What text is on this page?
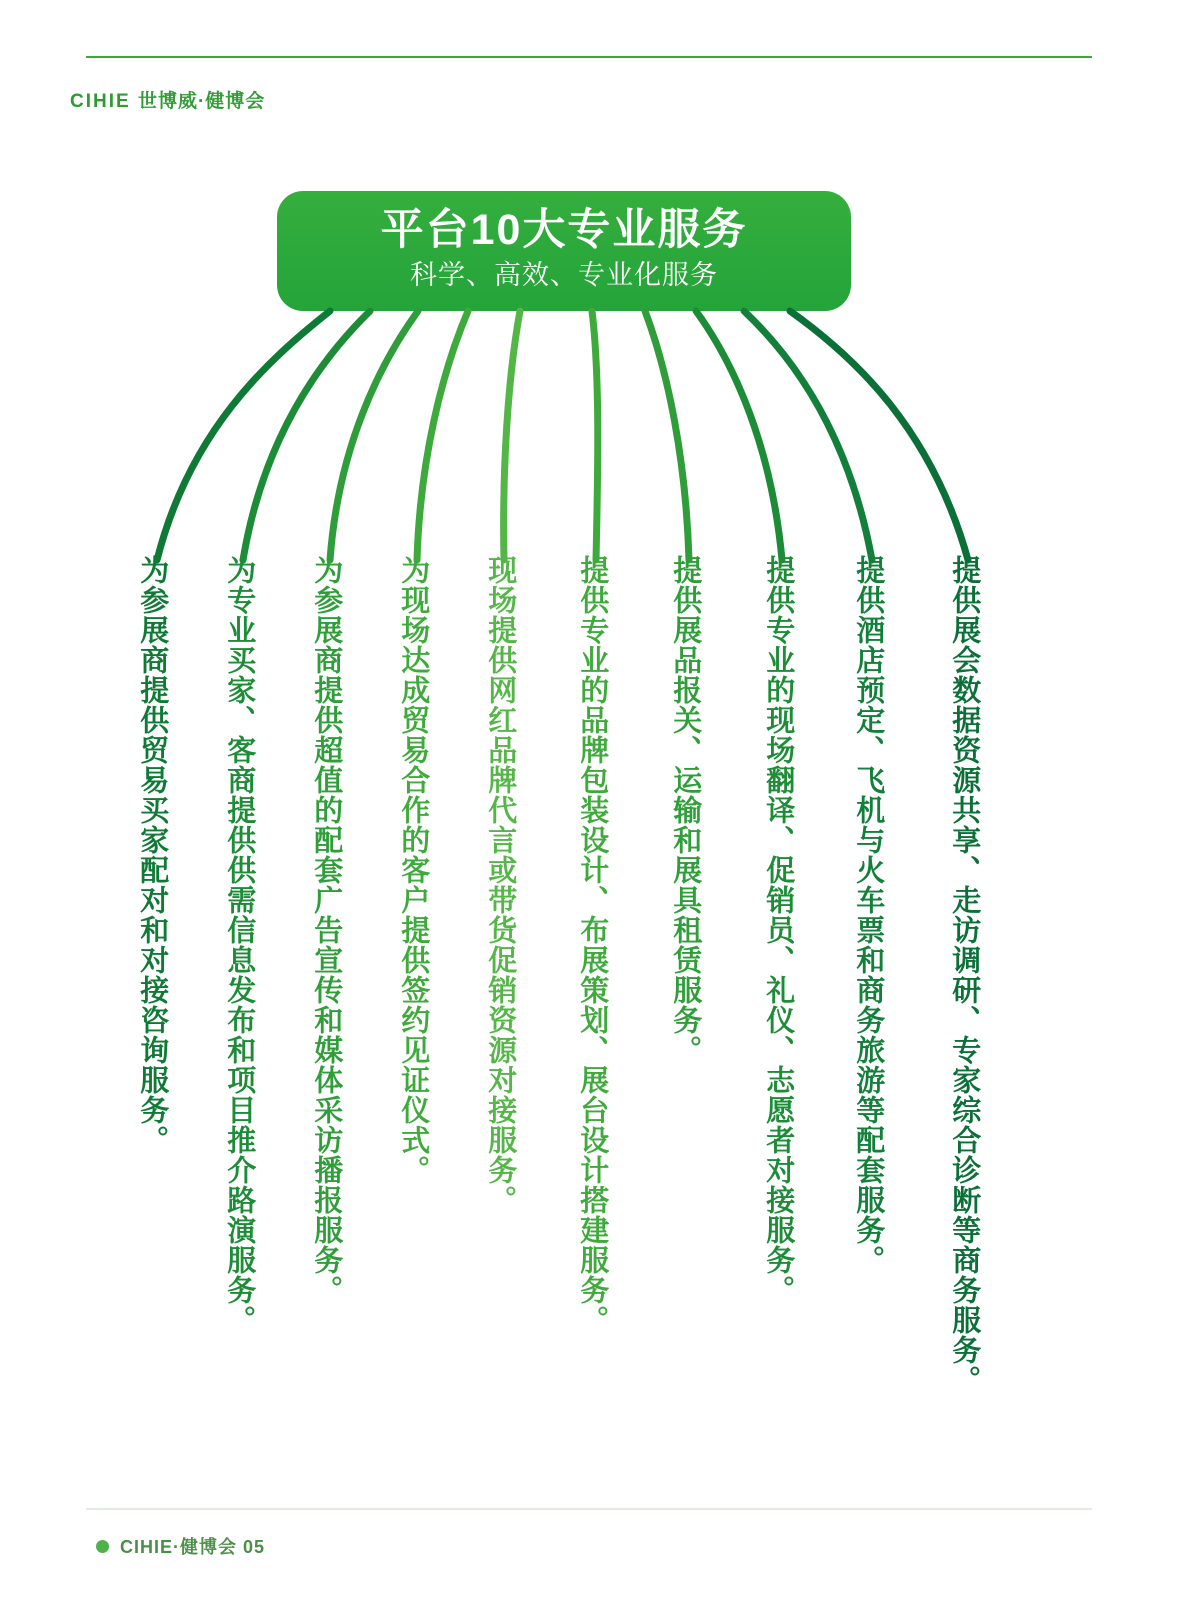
CIHIE 世博威·健博会
平台10大专业服务
科学、高效、专业化服务
为参展商提供贸易买家配对和对接咨询服务。 为专业买家、客商提供供需信息发布和项目推介路演服务。 为参展商提供超值的配套广告宣传和媒体采访播报服务。 为现场达成贸易合作的客户提供签约见证仪式。 现场提供网红品牌代言或带货促销资源对接服务。 提供专业的品牌包装设计、布展策划、展台设计搭建服务。 提供展品报关、运输和展具租赁服务。 提供专业的现场翻译、促销员、礼仪、志愿者对接服务。 提供酒店预定、飞机与火车票和商务旅游等配套服务。 提供展会数据资源共享、走访调研、专家综合诊断等商务服务。
CIHIE·健博会 05
